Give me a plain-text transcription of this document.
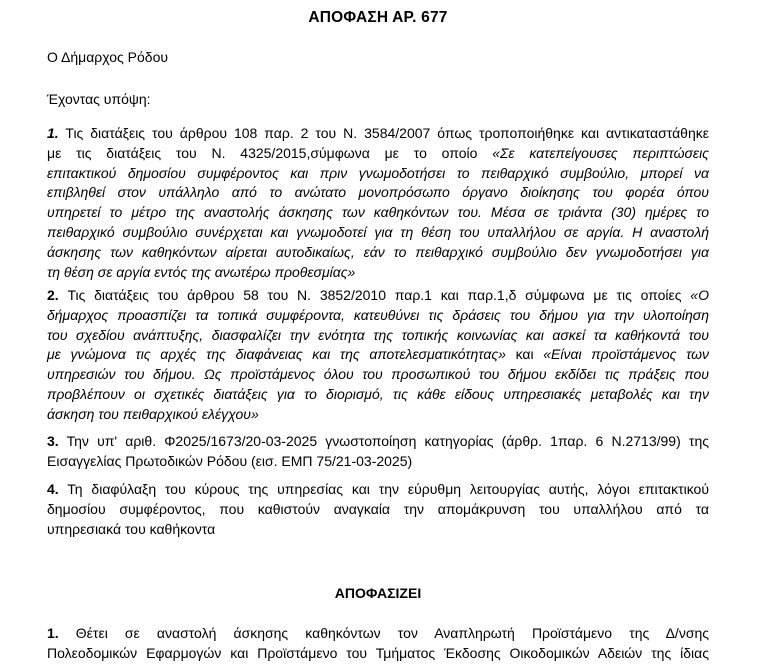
ΑΠΟΦΑΣΗ ΑΡ. 677
Ο Δήμαρχος Ρόδου
Έχοντας υπόψη:
1. Τις διατάξεις του άρθρου 108 παρ. 2 του Ν. 3584/2007 όπως τροποποιήθηκε και αντικαταστάθηκε
με τις διατάξεις του Ν. 4325/2015,σύμφωνα με το οποίο «Σε κατεπείγουσες περιπτώσεις
επιτακτικού δημοσίου συμφέροντος και πριν γνωμοδοτήσει το πειθαρχικό συμβούλιο, μπορεί να
επιβληθεί στον υπάλληλο από το ανώτατο μονοπρόσωπο όργανο διοίκησης του φορέα όπου
υπηρετεί το μέτρο της αναστολής άσκησης των καθηκόντων του. Μέσα σε τριάντα (30) ημέρες το
πειθαρχικό συμβούλιο συνέρχεται και γνωμοδοτεί για τη θέση του υπαλλήλου σε αργία. Η αναστολή
άσκησης των καθηκόντων αίρεται αυτοδικαίως, εάν το πειθαρχικό συμβούλιο δεν γνωμοδοτήσει για
τη θέση σε αργία εντός της ανωτέρω προθεσμίας»
2. Τις διατάξεις του άρθρου 58 του Ν. 3852/2010 παρ.1 και παρ.1,δ σύμφωνα με τις οποίες «Ο
δήμαρχος προασπίζει τα τοπικά συμφέροντα, κατευθύνει τις δράσεις του δήμου για την υλοποίηση
του σχεδίου ανάπτυξης, διασφαλίζει την ενότητα της τοπικής κοινωνίας και ασκεί τα καθήκοντά του
με γνώμονα τις αρχές της διαφάνειας και της αποτελεσματικότητας» και «Είναι προϊστάμενος των
υπηρεσιών του δήμου. Ως προϊστάμενος όλου του προσωπικού του δήμου εκδίδει τις πράξεις που
προβλέπουν οι σχετικές διατάξεις για το διορισμό, τις κάθε είδους υπηρεσιακές μεταβολές και την
άσκηση του πειθαρχικού ελέγχου»
3. Την υπ' αριθ. Φ2025/1673/20-03-2025 γνωστοποίηση κατηγορίας (άρθρ. 1παρ. 6 Ν.2713/99) της
Εισαγγελίας Πρωτοδικών Ρόδου (εισ. ΕΜΠ 75/21-03-2025)
4. Τη διαφύλαξη του κύρους της υπηρεσίας και την εύρυθμη λειτουργίας αυτής, λόγοι επιτακτικού
δημοσίου συμφέροντος, που καθιστούν αναγκαία την απομάκρυνση του υπαλλήλου από τα
υπηρεσιακά του καθήκοντα
ΑΠΟΦΑΣΙΖΕΙ
1. Θέτει σε αναστολή άσκησης καθηκόντων τον Αναπληρωτή Προϊστάμενο της Δ/νσης
Πολεοδομικών Εφαρμογών και Προϊστάμενο του Τμήματος Έκδοσης Οικοδομικών Αδειών της ίδιας
